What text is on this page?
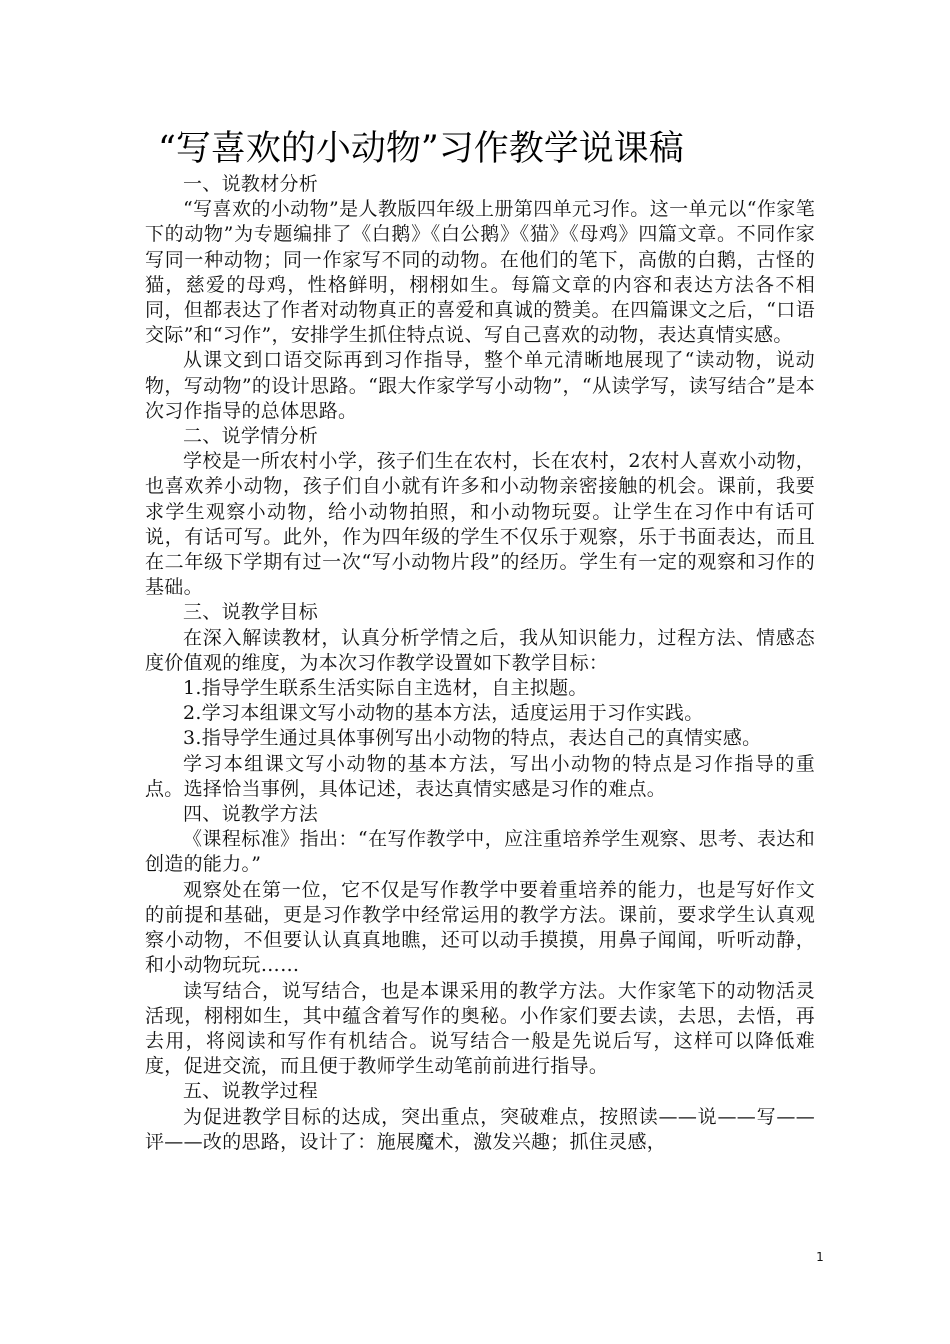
“写喜欢的小动物”习作教学说课稿

一、说教材分析

“写喜欢的小动物”是人教版四年级上册第四单元习作。这一单元以“作家笔下的动物”为专题编排了《白鹅》《白公鹅》《猫》《母鸡》四篇文章。不同作家写同一种动物；同一作家写不同的动物。在他们的笔下，高傲的白鹅，古怪的猫，慈爱的母鸡，性格鲜明，栩栩如生。每篇文章的内容和表达方法各不相同，但都表达了作者对动物真正的喜爱和真诚的赞美。在四篇课文之后，“口语交际”和“习作”，安排学生抓住特点说、写自己喜欢的动物，表达真情实感。

从课文到口语交际再到习作指导，整个单元清晰地展现了“读动物，说动物，写动物”的设计思路。“跟大作家学写小动物”，“从读学写，读写结合”是本次习作指导的总体思路。

二、说学情分析

学校是一所农村小学，孩子们生在农村，长在农村，2农村人喜欢小动物，也喜欢养小动物，孩子们自小就有许多和小动物亲密接触的机会。课前，我要求学生观察小动物，给小动物拍照，和小动物玩耍。让学生在习作中有话可说，有话可写。此外，作为四年级的学生不仅乐于观察，乐于书面表达，而且在二年级下学期有过一次“写小动物片段”的经历。学生有一定的观察和习作的基础。

三、说教学目标

在深入解读教材，认真分析学情之后，我从知识能力，过程方法、情感态度价值观的维度，为本次习作教学设置如下教学目标：

1.指导学生联系生活实际自主选材，自主拟题。

2.学习本组课文写小动物的基本方法，适度运用于习作实践。

3.指导学生通过具体事例写出小动物的特点，表达自己的真情实感。

学习本组课文写小动物的基本方法，写出小动物的特点是习作指导的重点。选择恰当事例，具体记述，表达真情实感是习作的难点。

四、说教学方法

《课程标准》指出：“在写作教学中，应注重培养学生观察、思考、表达和创造的能力。”

观察处在第一位，它不仅是写作教学中要着重培养的能力，也是写好作文的前提和基础，更是习作教学中经常运用的教学方法。课前，要求学生认真观察小动物，不但要认认真真地瞧，还可以动手摸摸，用鼻子闻闻，听听动静，和小动物玩玩……

读写结合，说写结合，也是本课采用的教学方法。大作家笔下的动物活灵活现，栩栩如生，其中蕴含着写作的奥秘。小作家们要去读，去思，去悟，再去用，将阅读和写作有机结合。说写结合一般是先说后写，这样可以降低难度，促进交流，而且便于教师学生动笔前前进行指导。

五、说教学过程

为促进教学目标的达成，突出重点，突破难点，按照读——说——写——评——改的思路，设计了：施展魔术，激发兴趣；抓住灵感，

1
